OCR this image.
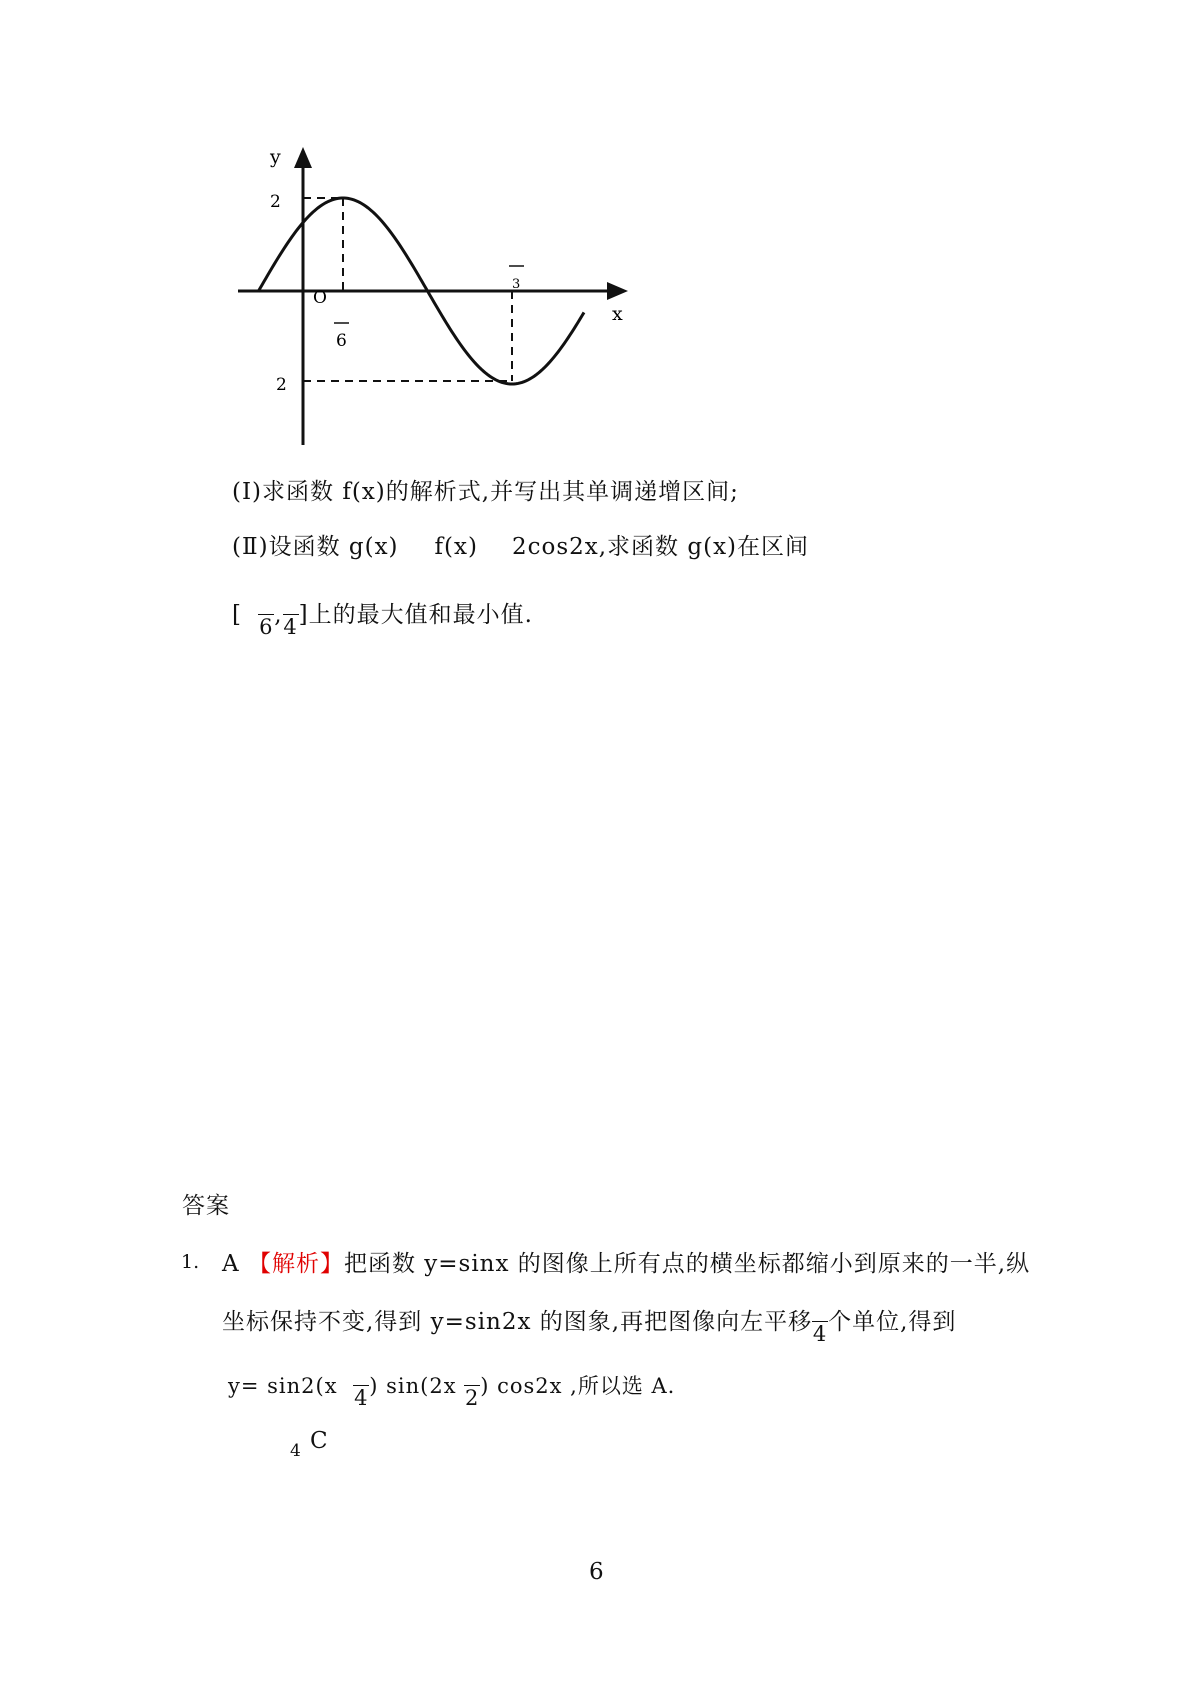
y
x
O
2
2
6
3
(Ⅰ)求函数 f(x)的解析式,并写出其单调递增区间;
(Ⅱ)设函数 g(x) f(x) 2cos2x,求函数 g(x)在区间
[ 6 , 4 ]上的最大值和最小值.
答案
1. A 【解析】把函数 y=sinx 的图像上所有点的横坐标都缩小到原来的一半,纵
坐标保持不变,得到 y=sin2x 的图象,再把图像向左平移 4 个单位,得到
y= sin2(x 4 ) sin(2x 2 ) cos2x ,所以选 A.
4 C
6
